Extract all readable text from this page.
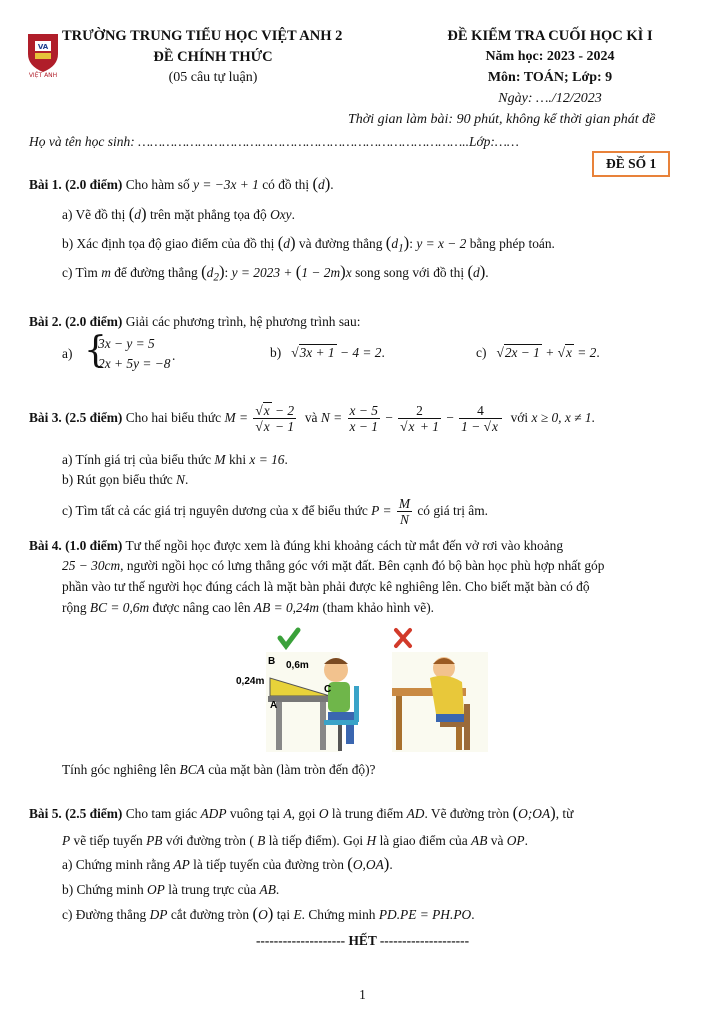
VA
VIỆT ANH
TRƯỜNG TRUNG TIỂU HỌC VIỆT ANH 2
ĐỀ CHÍNH THỨC
(05 câu tự luận)
ĐỀ KIỂM TRA CUỐI HỌC KÌ I
Năm học: 2023 - 2024
Môn: TOÁN; Lớp: 9
Ngày: …./12/2023
Thời gian làm bài: 90 phút, không kể thời gian phát đề
Họ và tên học sinh: ………………………………………………………………………..Lớp:……
ĐỀ SỐ 1
Bài 1. (2.0 điểm) Cho hàm số y = −3x + 1 có đồ thị (d).
a) Vẽ đồ thị (d) trên mặt phẳng tọa độ Oxy.
b) Xác định tọa độ giao điểm của đồ thị (d) và đường thẳng $(d_1)$: y = x − 2 bằng phép toán.
c) Tìm m để đường thẳng $(d_2)$: y = 2023 + (1 − 2m)x song song với đồ thị (d).
Bài 2. (2.0 điểm) Giải các phương trình, hệ phương trình sau:
a) {
3x − y = 5
2x + 5y = −8
.	b) √3x + 1 − 4 = 2.	c) √2x − 1 + √x = 2.
Bài 3. (2.5 điểm) Cho hai biểu thức $M = \frac{√x - 2}{√x - 1}$ và $N = \frac{x - 5}{x - 1} - \frac{2}{√x + 1} - \frac{4}{1 - √x}$ với x ≥ 0, x ≠ 1.
a) Tính giá trị của biểu thức M khi x = 16.
b) Rút gọn biểu thức N.
c) Tìm tất cả các giá trị nguyên dương của x để biểu thức $P = \frac{M}{N}$ có giá trị âm.
Bài 4. (1.0 điểm) Tư thế ngồi học được xem là đúng khi khoảng cách từ mắt đến vở rơi vào khoảng
25 − 30cm, người ngồi học có lưng thẳng góc với mặt đất. Bên cạnh đó bộ bàn học phù hợp nhất góp
phần vào tư thế người học đúng cách là mặt bàn phải được kê nghiêng lên. Cho biết mặt bàn có độ
rộng BC = 0,6m được nâng cao lên AB = 0,24m (tham khảo hình vẽ).
B 0,6m
0,24m
C
A
Tính góc nghiêng lên BCA của mặt bàn (làm tròn đến độ)?
Bài 5. (2.5 điểm) Cho tam giác ADP vuông tại A, gọi O là trung điểm AD. Vẽ đường tròn (O;OA), từ
P vẽ tiếp tuyến PB với đường tròn ( B là tiếp điểm). Gọi H là giao điểm của AB và OP.
a) Chứng minh rằng AP là tiếp tuyến của đường tròn (O,OA).
b) Chứng minh OP là trung trực của AB.
c) Đường thẳng DP cắt đường tròn (O) tại E. Chứng minh PD.PE = PH.PO.
-------------------- HẾT --------------------
1
